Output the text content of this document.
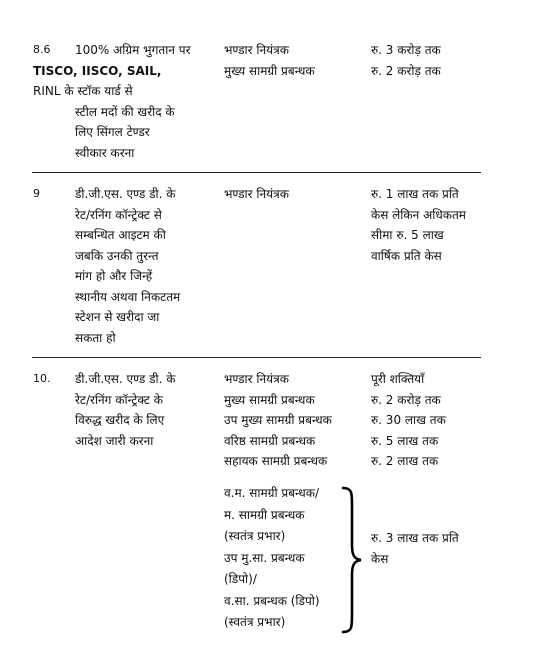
8.6 100% अग्रिम भुगतान पर
TISCO, IISCO, SAIL,
RINL के स्टॉक यार्ड से
स्टील मदों की खरीद के
लिए सिंगल टेण्डर
स्वीकार करना
भण्डार नियंत्रक
मुख्य सामग्री प्रबन्धक
रु. 3 करोड़ तक
रु. 2 करोड़ तक
9	डी.जी.एस. एण्ड डी. के
रेट/रनिंग कॉन्ट्रेक्ट से
सम्बन्धित आइटम की
जबकि उनकी तुरन्त
मांग हो और जिन्हें
स्थानीय अथवा निकटतम
स्टेशन से खरीदा जा
सकता हो
भण्डार नियंत्रक	रु. 1 लाख तक प्रति
केस लेकिन अधिकतम
सीमा रु. 5 लाख
वार्षिक प्रति केस
10. डी.जी.एस. एण्ड डी. के
रेट/रनिंग कॉन्ट्रेक्ट के
विरुद्ध खरीद के लिए
आदेश जारी करना
भण्डार नियंत्रक
मुख्य सामग्री प्रबन्धक
उप मुख्य सामग्री प्रबन्धक
वरिष्ठ सामग्री प्रबन्धक
सहायक सामग्री प्रबन्धक
पूरी शक्तियाँ
रु. 2 करोड़ तक
रु. 30 लाख तक
रु. 5 लाख तक
रु. 2 लाख तक
व.म. सामग्री प्रबन्धक/
म. सामग्री प्रबन्धक
(स्वतंत्र प्रभार)
उप मु.सा. प्रबन्धक
(डिपो)/
व.सा. प्रबन्धक (डिपो)
(स्वतंत्र प्रभार)
रु. 3 लाख तक प्रति
केस
